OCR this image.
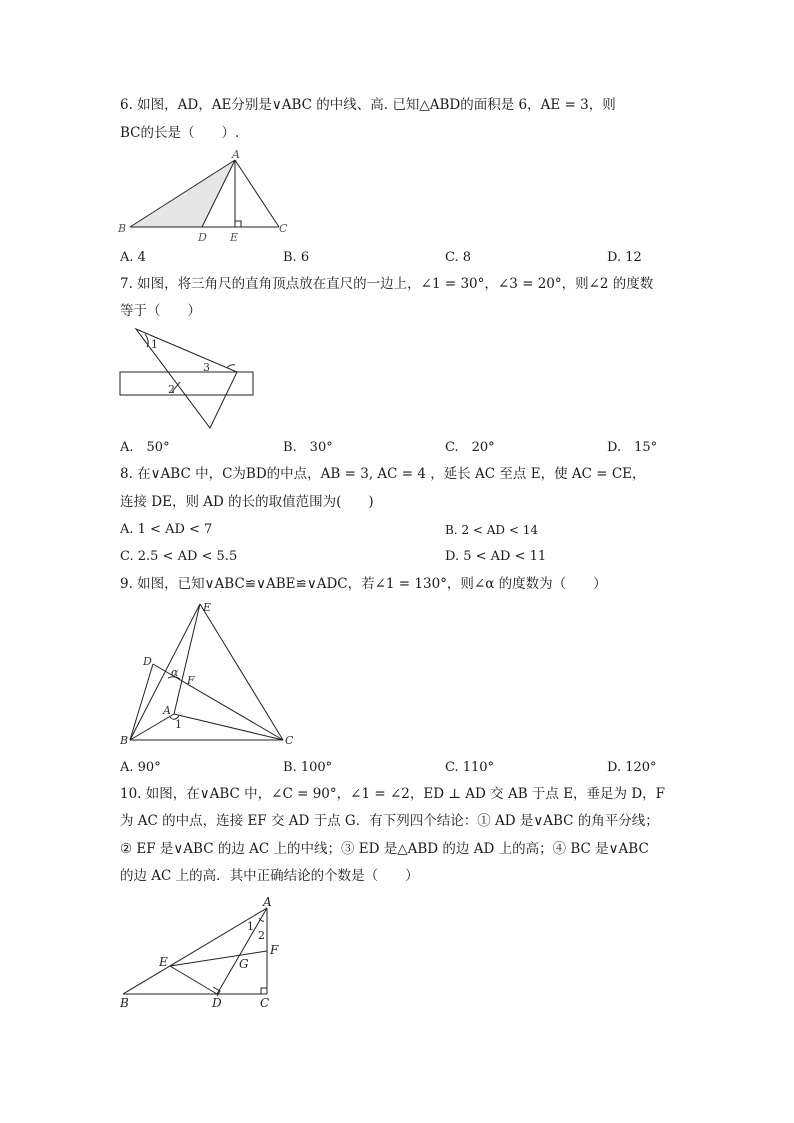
6. 如图，AD，AE分别是∨ABC 的中线、高. 已知△ABD的面积是 6，AE = 3，则
BC的长是（　　）.
A
B	C
D E
A. 4	B. 6	C. 8	D. 12
7. 如图，将三角尺的直角顶点放在直尺的一边上，∠1 = 30°，∠3 = 20°，则∠2 的度数
等于（　　）
1
2
3
A.　50°	B.　30°	C.　20°	D.　15°
8. 在∨ABC 中，C为BD的中点，AB = 3, AC = 4 ，延长 AC 至点 E，使 AC = CE，
连接 DE，则 AD 的长的取值范围为(　　)
A. 1 < AD < 7	B. 2 < AD < 14
C. 2.5 < AD < 5.5	D. 5 < AD < 11
9. 如图，已知∨ABC≌∨ABE≌∨ADC，若∠1 = 130°，则∠α 的度数为（　　）
E
D
α
F
A
B	C
1
A. 90°	B. 100°	C. 110°	D. 120°
10. 如图，在∨ABC 中，∠C = 90°，∠1 = ∠2，ED ⊥ AD 交 AB 于点 E，垂足为 D，F
为 AC 的中点，连接 EF 交 AD 于点 G．有下列四个结论：① AD 是∨ABC 的角平分线；
② EF 是∨ABC 的边 AC 上的中线；③ ED 是△ABD 的边 AD 上的高；④ BC 是∨ABC
的边 AC 上的高．其中正确结论的个数是（　　）
A
E
F
G
B	D	C
1
2
